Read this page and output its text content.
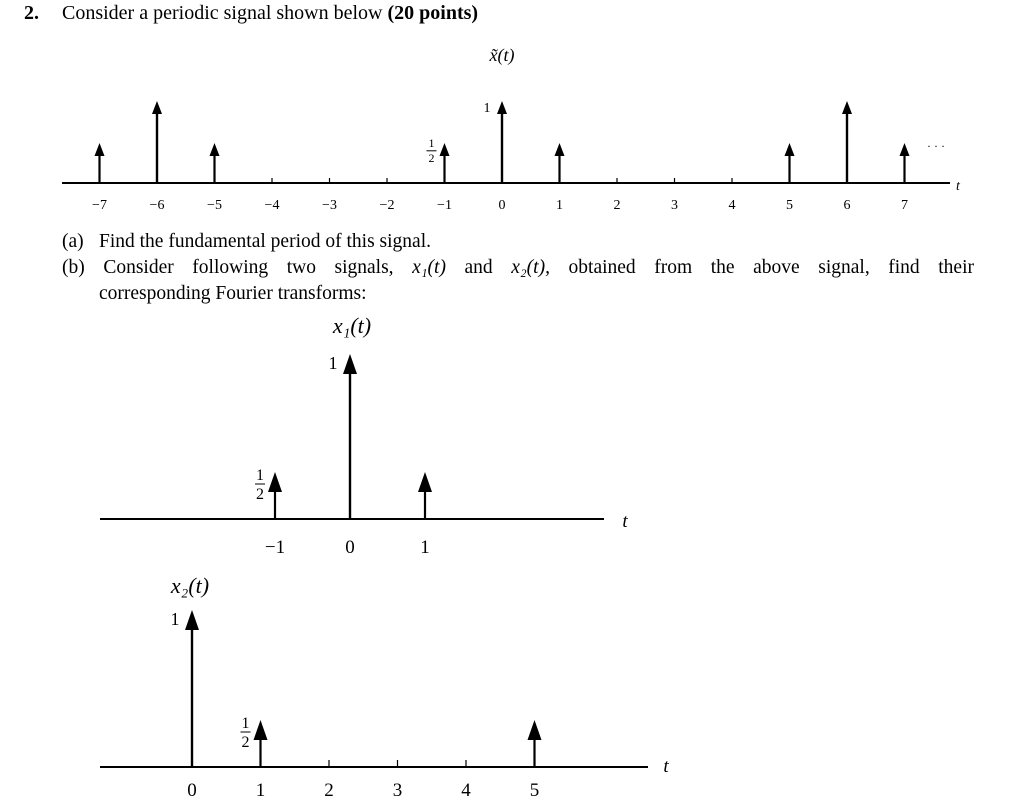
2. Consider a periodic signal shown below (20 points)
(a) Find the fundamental period of this signal.
(b) Consider following two signals, x₁(t) and x₂(t), obtained from the above signal, find their
corresponding Fourier transforms:
−7	−6	−5	−4	−3	−2	−1	0	1	2	3	4	5	6	7
1
2
1
x̃(t)
t
· · ·
−1	0	1
1
2
1
x₁(t)
t
0	1	2	3	4	5
1
1
2
x₂(t)
t
